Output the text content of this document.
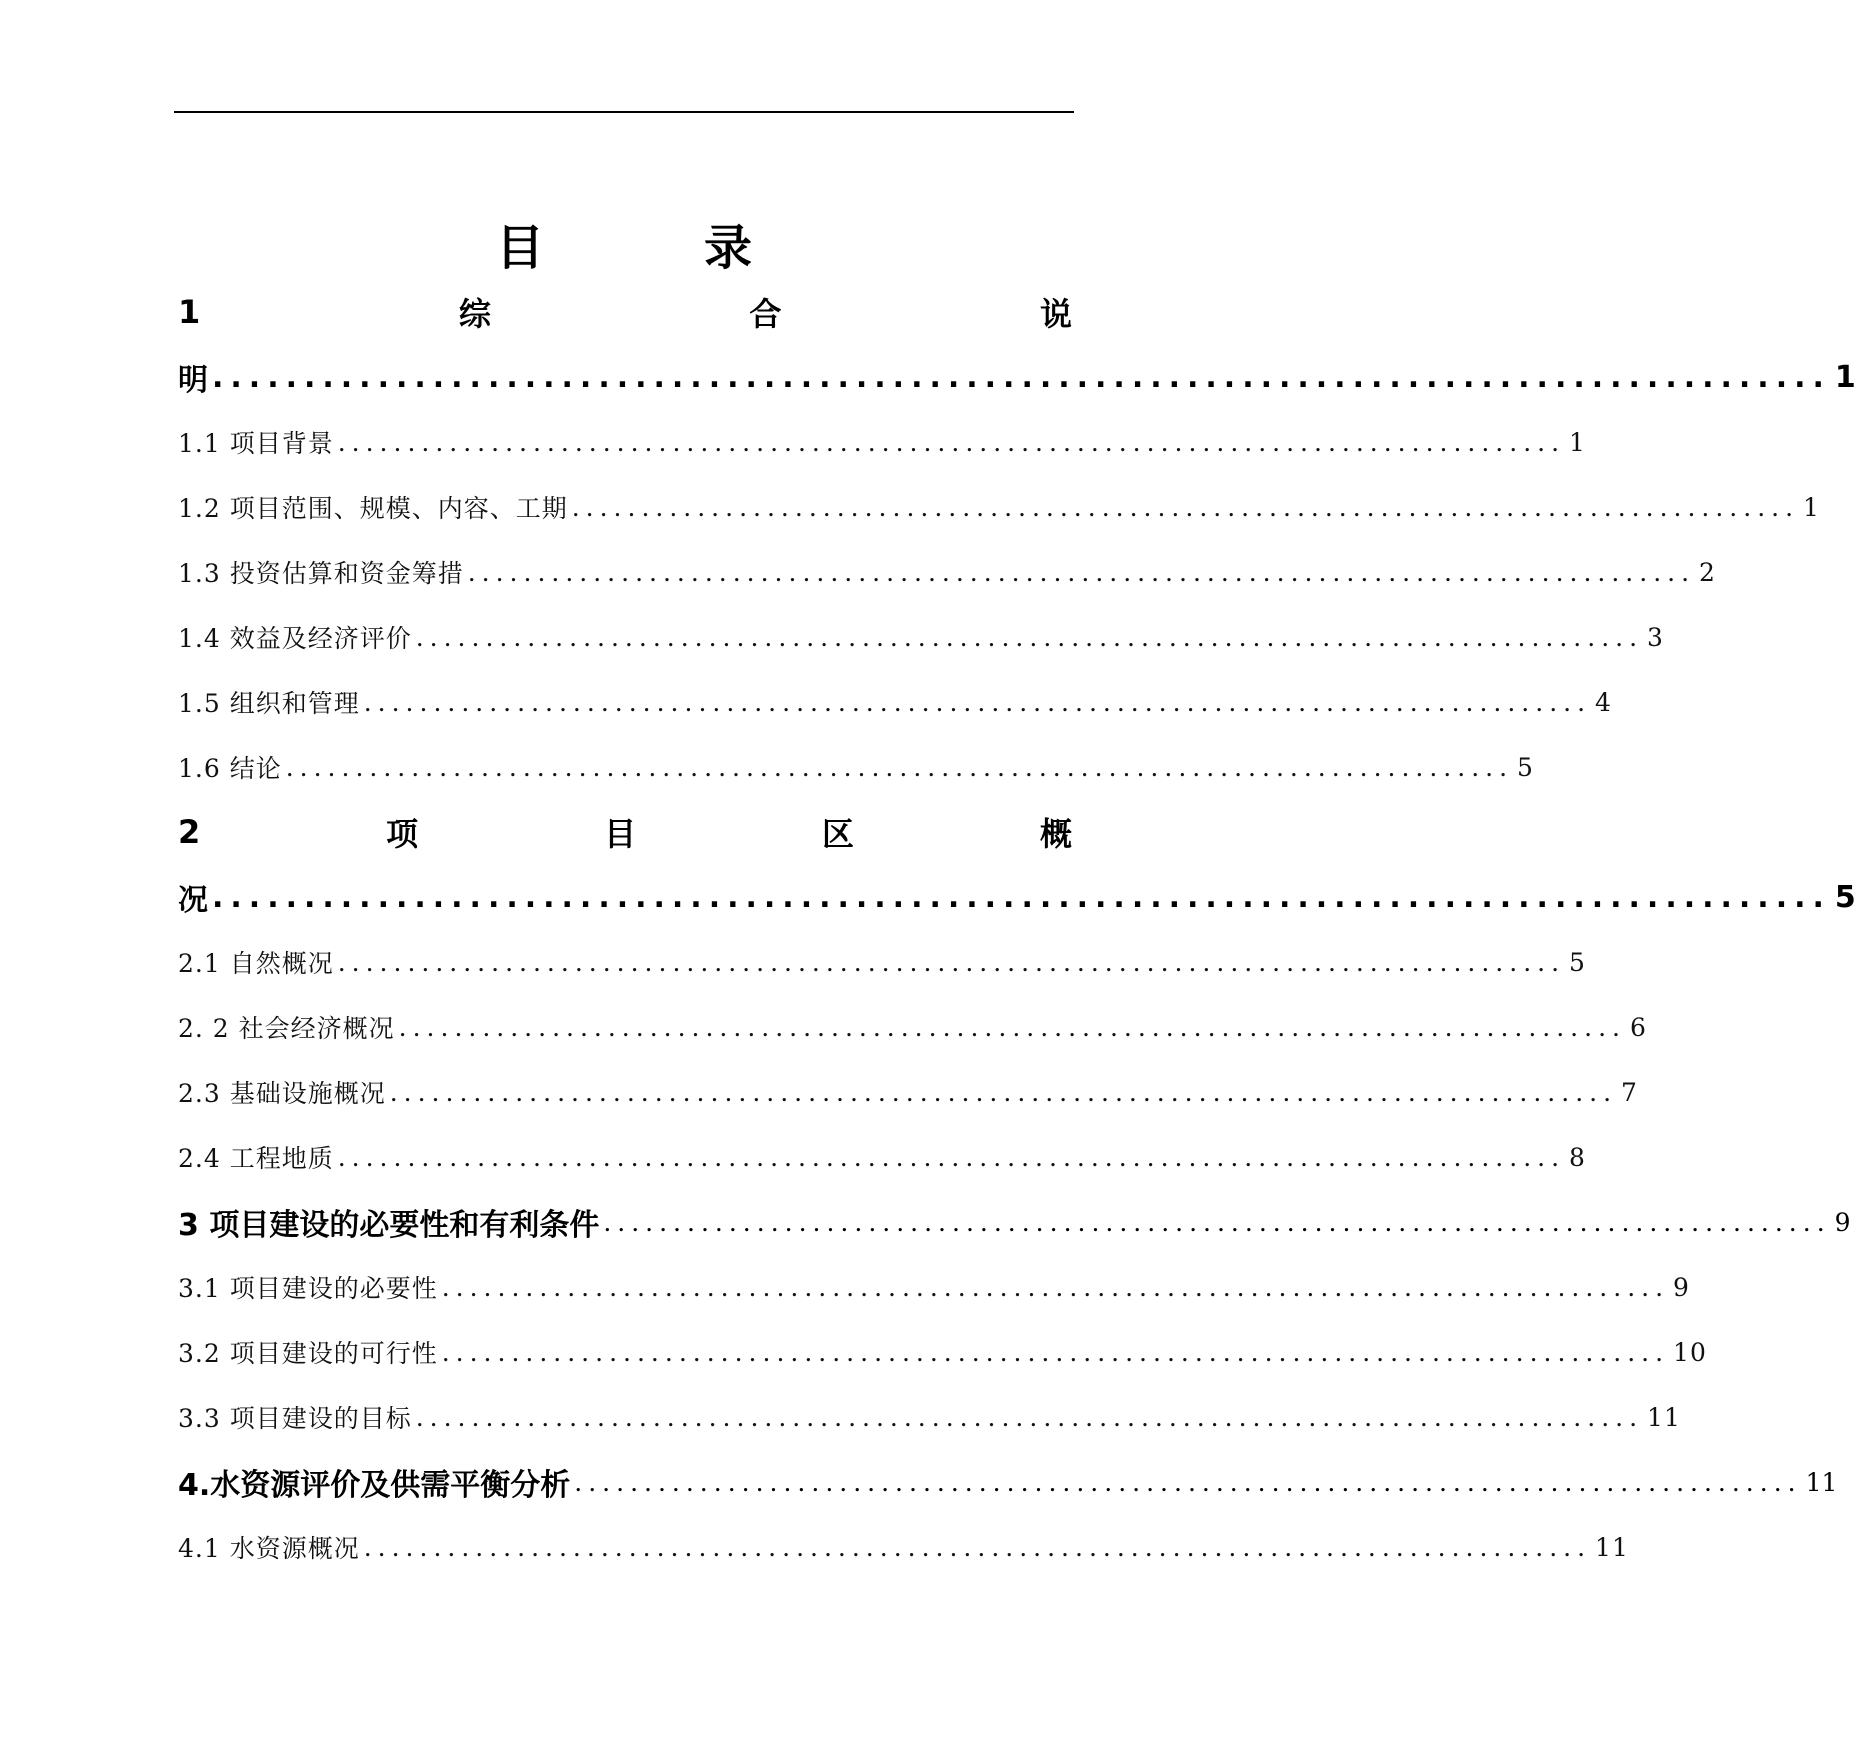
目	录
1	综	合	说
明 ........................................................................................ 1
1.1 项目背景 ........................................................................................ 1
1.2 项目范围、规模、内容、工期 ........................................................................................ 1
1.3 投资估算和资金筹措 ........................................................................................ 2
1.4 效益及经济评价 ........................................................................................ 3
1.5 组织和管理 ........................................................................................ 4
1.6 结论 ........................................................................................ 5
2	项	目	区	概
况 ........................................................................................ 5
2.1 自然概况 ........................................................................................ 5
2. 2 社会经济概况 ........................................................................................ 6
2.3 基础设施概况 ........................................................................................ 7
2.4 工程地质 ........................................................................................ 8
3 项目建设的必要性和有利条件 ........................................................................................ 9
3.1 项目建设的必要性 ........................................................................................ 9
3.2 项目建设的可行性 ........................................................................................ 10
3.3 项目建设的目标 ........................................................................................ 11
4.水资源评价及供需平衡分析 ........................................................................................ 11
4.1 水资源概况 ........................................................................................ 11
